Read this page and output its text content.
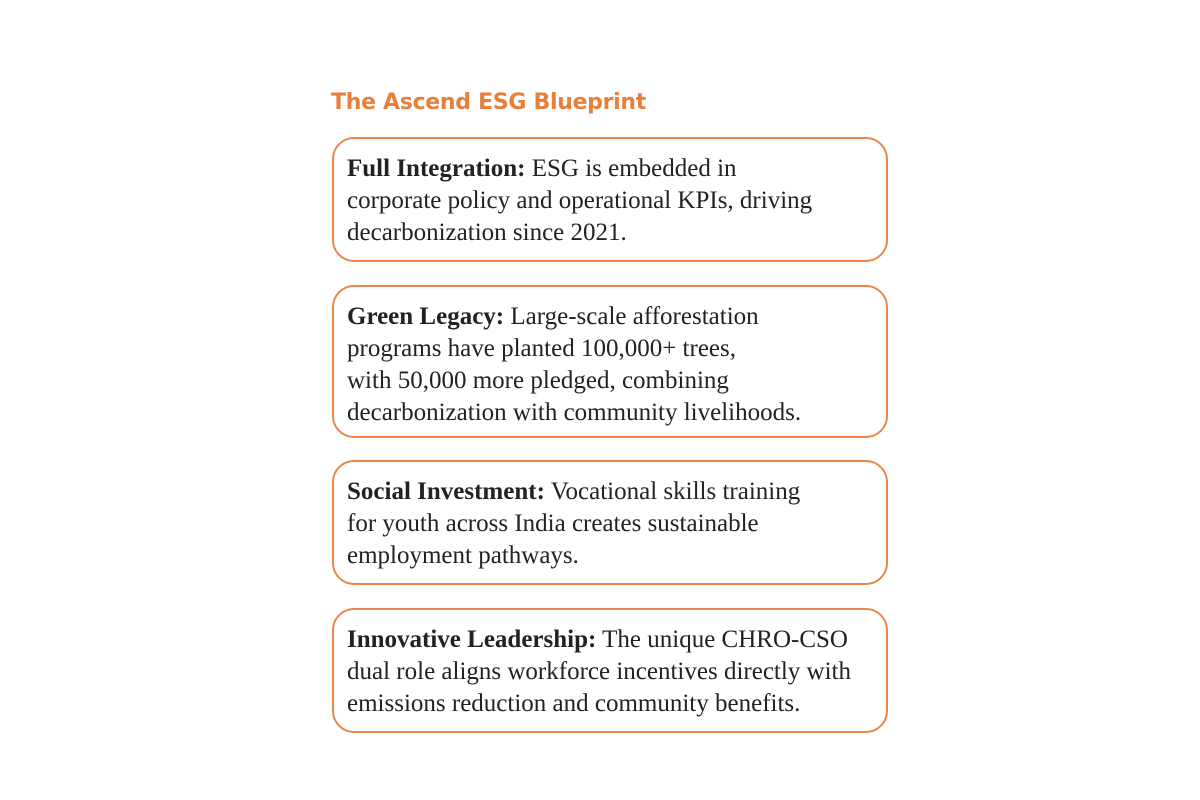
The Ascend ESG Blueprint
Full Integration: ESG is embedded in
corporate policy and operational KPIs, driving
decarbonization since 2021.
Green Legacy: Large-scale afforestation
programs have planted 100,000+ trees,
with 50,000 more pledged, combining
decarbonization with community livelihoods.
Social Investment: Vocational skills training
for youth across India creates sustainable
employment pathways.
Innovative Leadership: The unique CHRO-CSO
dual role aligns workforce incentives directly with
emissions reduction and community benefits.
